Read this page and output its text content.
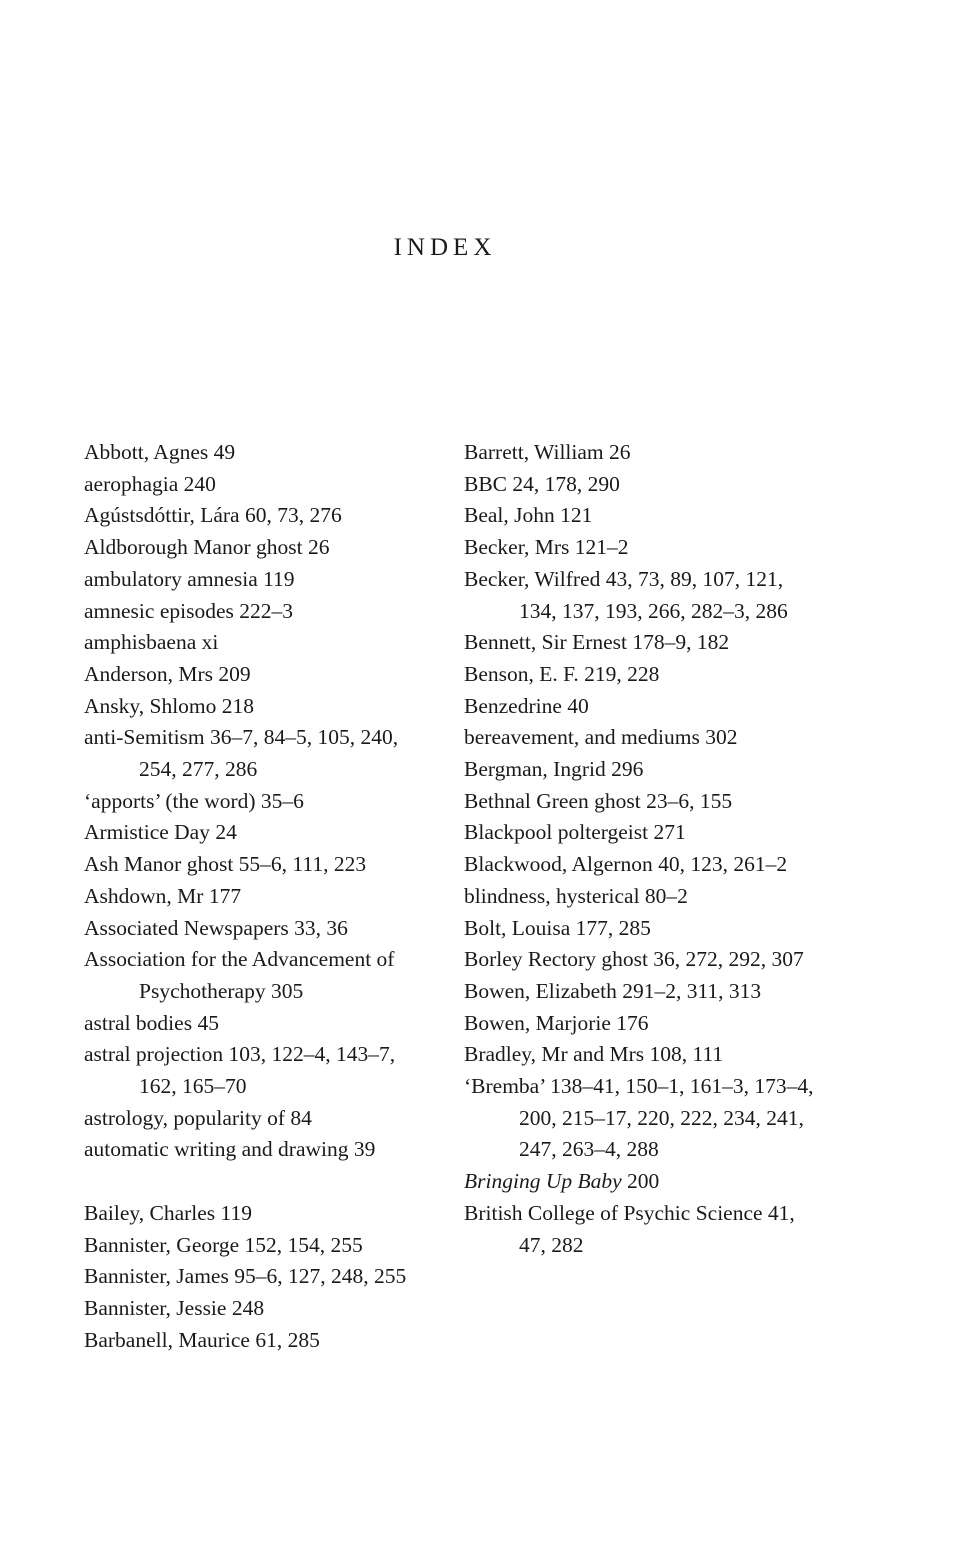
INDEX
Abbott, Agnes 49
aerophagia 240
Agústsdóttir, Lára 60, 73, 276
Aldborough Manor ghost 26
ambulatory amnesia 119
amnesic episodes 222–3
amphisbaena xi
Anderson, Mrs 209
Ansky, Shlomo 218
anti-Semitism 36–7, 84–5, 105, 240, 254, 277, 286
‘apports’ (the word) 35–6
Armistice Day 24
Ash Manor ghost 55–6, 111, 223
Ashdown, Mr 177
Associated Newspapers 33, 36
Association for the Advancement of Psychotherapy 305
astral bodies 45
astral projection 103, 122–4, 143–7, 162, 165–70
astrology, popularity of 84
automatic writing and drawing 39
Bailey, Charles 119
Bannister, George 152, 154, 255
Bannister, James 95–6, 127, 248, 255
Bannister, Jessie 248
Barbanell, Maurice 61, 285
Barrett, William 26
BBC 24, 178, 290
Beal, John 121
Becker, Mrs 121–2
Becker, Wilfred 43, 73, 89, 107, 121, 134, 137, 193, 266, 282–3, 286
Bennett, Sir Ernest 178–9, 182
Benson, E. F. 219, 228
Benzedrine 40
bereavement, and mediums 302
Bergman, Ingrid 296
Bethnal Green ghost 23–6, 155
Blackpool poltergeist 271
Blackwood, Algernon 40, 123, 261–2
blindness, hysterical 80–2
Bolt, Louisa 177, 285
Borley Rectory ghost 36, 272, 292, 307
Bowen, Elizabeth 291–2, 311, 313
Bowen, Marjorie 176
Bradley, Mr and Mrs 108, 111
‘Bremba’ 138–41, 150–1, 161–3, 173–4, 200, 215–17, 220, 222, 234, 241, 247, 263–4, 288
Bringing Up Baby 200
British College of Psychic Science 41, 47, 282
